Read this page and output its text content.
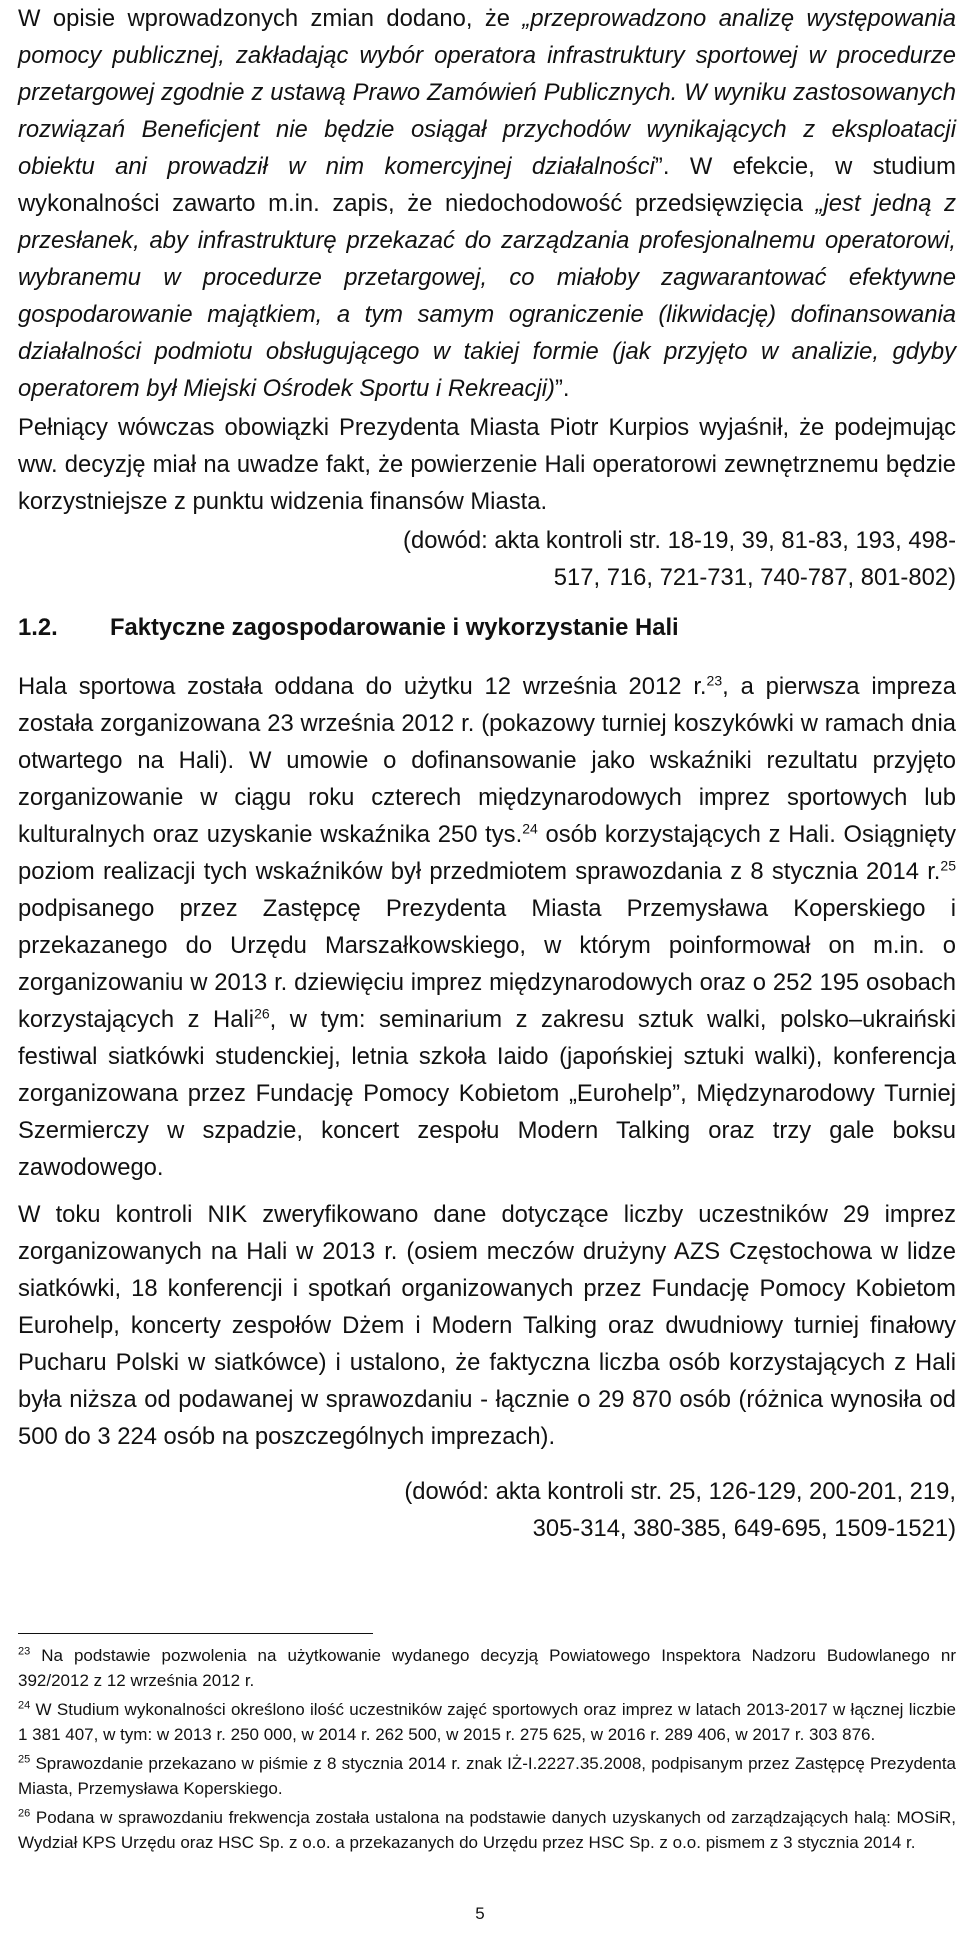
W opisie wprowadzonych zmian dodano, że „przeprowadzono analizę występowania pomocy publicznej, zakładając wybór operatora infrastruktury sportowej w procedurze przetargowej zgodnie z ustawą Prawo Zamówień Publicznych. W wyniku zastosowanych rozwiązań Beneficjent nie będzie osiągał przychodów wynikających z eksploatacji obiektu ani prowadził w nim komercyjnej działalności”. W efekcie, w studium wykonalności zawarto m.in. zapis, że niedochodowość przedsięwzięcia „jest jedną z przesłanek, aby infrastrukturę przekazać do zarządzania profesjonalnemu operatorowi, wybranemu w procedurze przetargowej, co miałoby zagwarantować efektywne gospodarowanie majątkiem, a tym samym ograniczenie (likwidację) dofinansowania działalności podmiotu obsługującego w takiej formie (jak przyjęto w analizie, gdyby operatorem był Miejski Ośrodek Sportu i Rekreacji)”.

Pełniący wówczas obowiązki Prezydenta Miasta Piotr Kurpios wyjaśnił, że podejmując ww. decyzję miał na uwadze fakt, że powierzenie Hali operatorowi zewnętrznemu będzie korzystniejsze z punktu widzenia finansów Miasta.

(dowód: akta kontroli str. 18-19, 39, 81-83, 193, 498-
517, 716, 721-731, 740-787, 801-802)

1.2. Faktyczne zagospodarowanie i wykorzystanie Hali

Hala sportowa została oddana do użytku 12 września 2012 r.$^{23}$, a pierwsza impreza została zorganizowana 23 września 2012 r. (pokazowy turniej koszykówki w ramach dnia otwartego na Hali). W umowie o dofinansowanie jako wskaźniki rezultatu przyjęto zorganizowanie w ciągu roku czterech międzynarodowych imprez sportowych lub kulturalnych oraz uzyskanie wskaźnika 250 tys.$^{24}$ osób korzystających z Hali. Osiągnięty poziom realizacji tych wskaźników był przedmiotem sprawozdania z 8 stycznia 2014 r.$^{25}$ podpisanego przez Zastępcę Prezydenta Miasta Przemysława Koperskiego i przekazanego do Urzędu Marszałkowskiego, w którym poinformował on m.in. o zorganizowaniu w 2013 r. dziewięciu imprez międzynarodowych oraz o 252 195 osobach korzystających z Hali$^{26}$, w tym: seminarium z zakresu sztuk walki, polsko–ukraiński festiwal siatkówki studenckiej, letnia szkoła Iaido (japońskiej sztuki walki), konferencja zorganizowana przez Fundację Pomocy Kobietom „Eurohelp”, Międzynarodowy Turniej Szermierczy w szpadzie, koncert zespołu Modern Talking oraz trzy gale boksu zawodowego.

W toku kontroli NIK zweryfikowano dane dotyczące liczby uczestników 29 imprez zorganizowanych na Hali w 2013 r. (osiem meczów drużyny AZS Częstochowa w lidze siatkówki, 18 konferencji i spotkań organizowanych przez Fundację Pomocy Kobietom Eurohelp, koncerty zespołów Dżem i Modern Talking oraz dwudniowy turniej finałowy Pucharu Polski w siatkówce) i ustalono, że faktyczna liczba osób korzystających z Hali była niższa od podawanej w sprawozdaniu - łącznie o 29 870 osób (różnica wynosiła od 500 do 3 224 osób na poszczególnych imprezach).

(dowód: akta kontroli str. 25, 126-129, 200-201, 219,
305-314, 380-385, 649-695, 1509-1521)

$^{23}$ Na podstawie pozwolenia na użytkowanie wydanego decyzją Powiatowego Inspektora Nadzoru Budowlanego nr 392/2012 z 12 września 2012 r.

$^{24}$ W Studium wykonalności określono ilość uczestników zajęć sportowych oraz imprez w latach 2013-2017 w łącznej liczbie 1 381 407, w tym: w 2013 r. 250 000, w 2014 r. 262 500, w 2015 r. 275 625, w 2016 r. 289 406, w 2017 r. 303 876.

$^{25}$ Sprawozdanie przekazano w piśmie z 8 stycznia 2014 r. znak IŻ-I.2227.35.2008, podpisanym przez Zastępcę Prezydenta Miasta, Przemysława Koperskiego.

$^{26}$ Podana w sprawozdaniu frekwencja została ustalona na podstawie danych uzyskanych od zarządzających halą: MOSiR, Wydział KPS Urzędu oraz HSC Sp. z o.o. a przekazanych do Urzędu przez HSC Sp. z o.o. pismem z 3 stycznia 2014 r.

5
